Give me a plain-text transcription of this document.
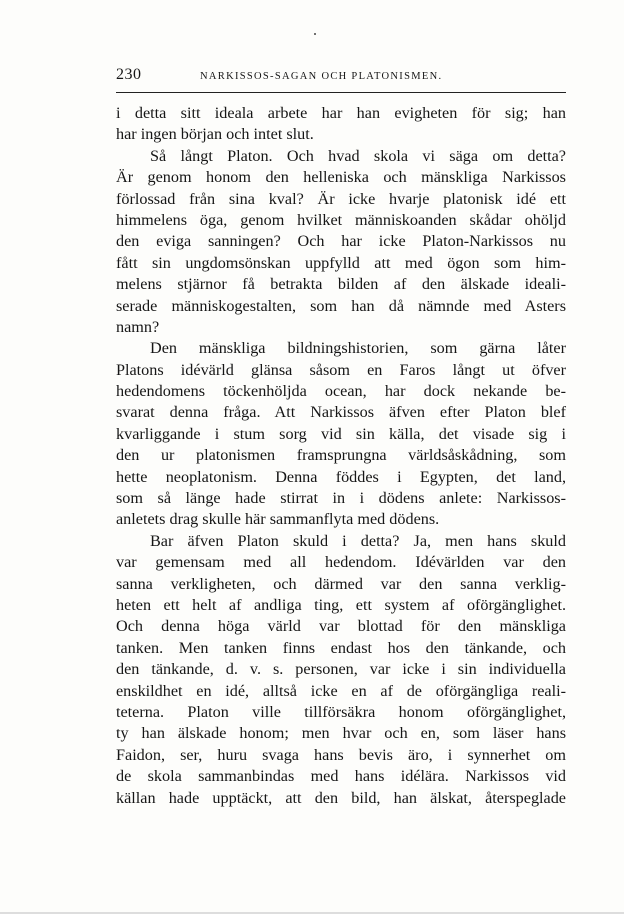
230	NARKISSOS-SAGAN OCH PLATONISMEN.
i detta sitt ideala arbete har han evigheten för sig; han
har ingen början och intet slut.
Så långt Platon. Och hvad skola vi säga om detta?
Är genom honom den helleniska och mänskliga Narkissos
förlossad från sina kval? Är icke hvarje platonisk idé ett
himmelens öga, genom hvilket människoanden skådar ohöljd
den eviga sanningen? Och har icke Platon-Narkissos nu
fått sin ungdomsönskan uppfylld att med ögon som him-
melens stjärnor få betrakta bilden af den älskade ideali-
serade människogestalten, som han då nämnde med Asters
namn?
Den mänskliga bildningshistorien, som gärna låter
Platons idévärld glänsa såsom en Faros långt ut öfver
hedendomens töckenhöljda ocean, har dock nekande be-
svarat denna fråga. Att Narkissos äfven efter Platon blef
kvarliggande i stum sorg vid sin källa, det visade sig i
den ur platonismen framsprungna världsåskådning, som
hette neoplatonism. Denna föddes i Egypten, det land,
som så länge hade stirrat in i dödens anlete: Narkissos-
anletets drag skulle här sammanflyta med dödens.
Bar äfven Platon skuld i detta? Ja, men hans skuld
var gemensam med all hedendom. Idévärlden var den
sanna verkligheten, och därmed var den sanna verklig-
heten ett helt af andliga ting, ett system af oförgänglighet.
Och denna höga värld var blottad för den mänskliga
tanken. Men tanken finns endast hos den tänkande, och
den tänkande, d. v. s. personen, var icke i sin individuella
enskildhet en idé, alltså icke en af de oförgängliga reali-
teterna. Platon ville tillförsäkra honom oförgänglighet,
ty han älskade honom; men hvar och en, som läser hans
Faidon, ser, huru svaga hans bevis äro, i synnerhet om
de skola sammanbindas med hans idélära. Narkissos vid
källan hade upptäckt, att den bild, han älskat, återspeglade
